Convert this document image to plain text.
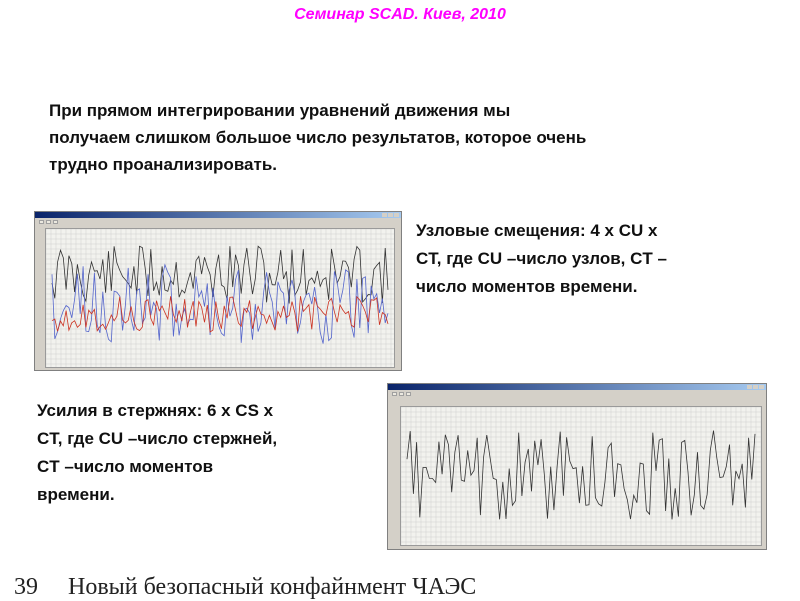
Семинар SCAD. Киев, 2010
При прямом интегрировании уравнений движения мы
получаем слишком большое число результатов, которое очень
трудно проанализировать.
Узловые смещения: 4 x CU x
CT, где CU –число узлов, CT –
число моментов времени.
Усилия в стержнях: 6 x CS x
CT, где CU –число стержней,
CT –число моментов
времени.
39 Новый безопасный конфайнмент ЧАЭС
